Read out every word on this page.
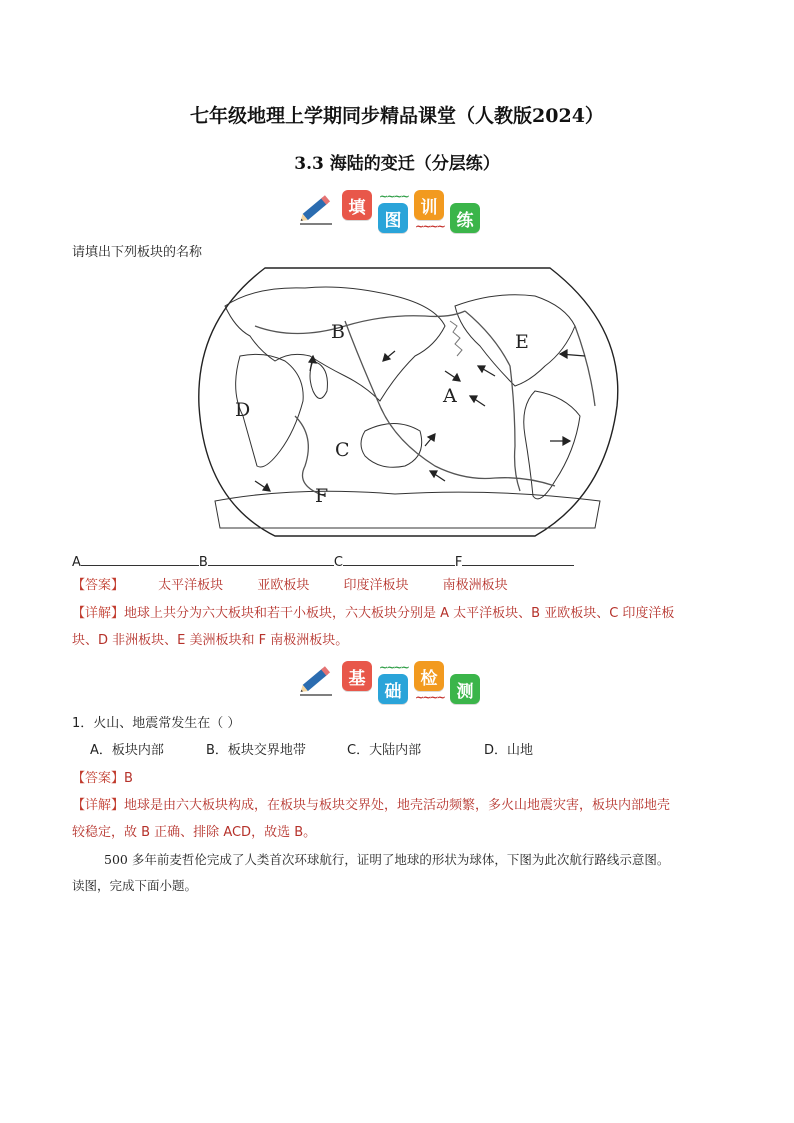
七年级地理上学期同步精品课堂（人教版2024）
3.3 海陆的变迁（分层练）
填
~~~~ 图
训
~~~~
练
请填出下列板块的名称
A
B
C
D
E
F
A	B	C	F
【答案】	太平洋板块	亚欧板块	印度洋板块	南极洲板块
【详解】地球上共分为六大板块和若干小板块，六大板块分别是 A 太平洋板块、B 亚欧板块、C 印度洋板
块、D 非洲板块、E 美洲板块和 F 南极洲板块。
基
~~~~ 础
检
~~~~
测
1．火山、地震常发生在（ ）
A．板块内部	B．板块交界地带	C．大陆内部	D．山地
【答案】B
【详解】地球是由六大板块构成，在板块与板块交界处，地壳活动频繁，多火山地震灾害，板块内部地壳
较稳定，故 B 正确、排除 ACD，故选 B。
500 多年前麦哲伦完成了人类首次环球航行，证明了地球的形状为球体，下图为此次航行路线示意图。
读图，完成下面小题。
